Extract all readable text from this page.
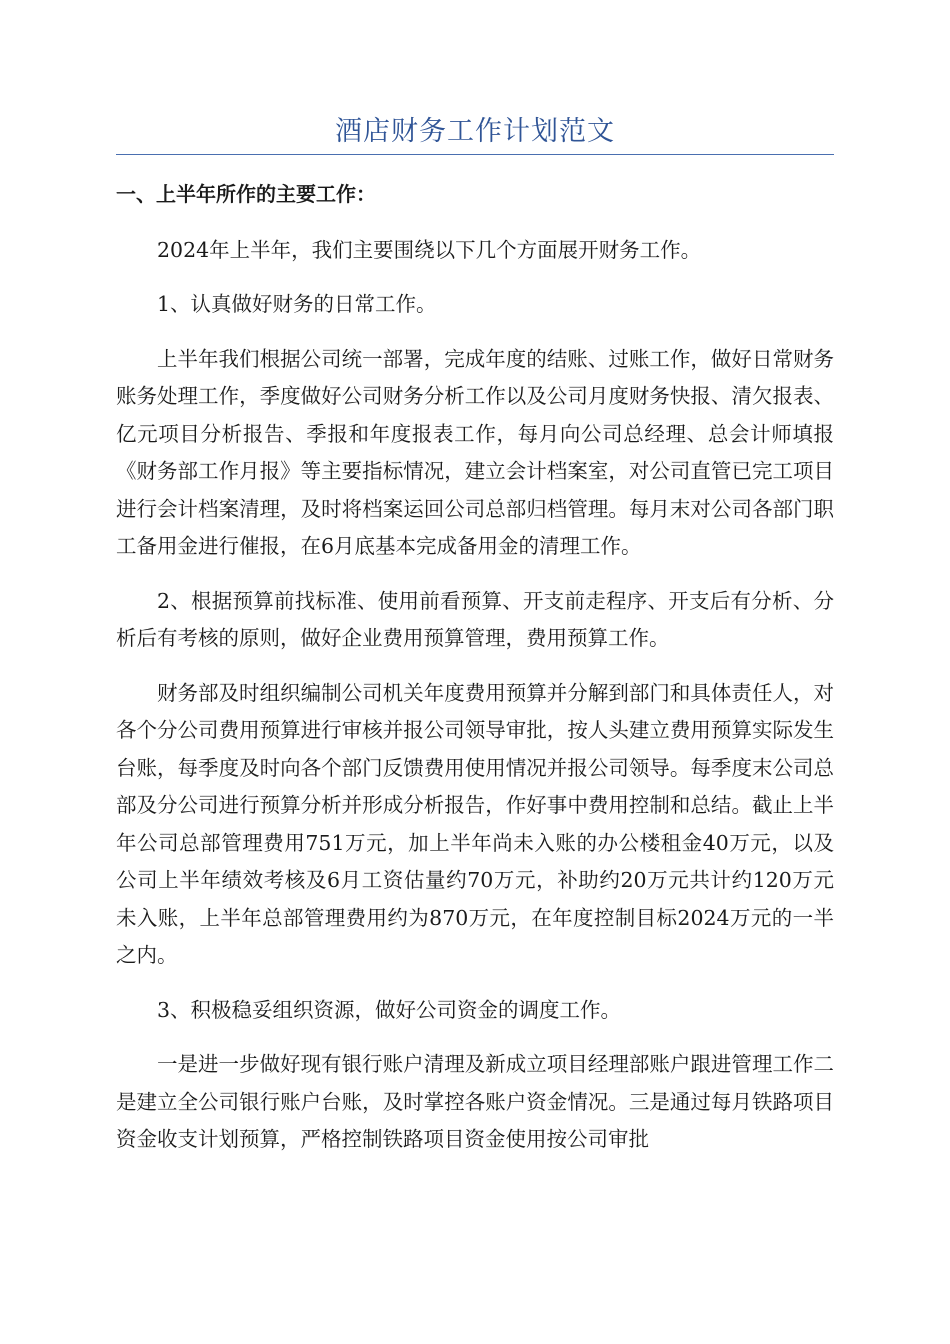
酒店财务工作计划范文
一、上半年所作的主要工作：

2024年上半年，我们主要围绕以下几个方面展开财务工作。

1、认真做好财务的日常工作。

上半年我们根据公司统一部署，完成年度的结账、过账工作，做好日常财务账务处理工作，季度做好公司财务分析工作以及公司月度财务快报、清欠报表、亿元项目分析报告、季报和年度报表工作，每月向公司总经理、总会计师填报《财务部工作月报》等主要指标情况，建立会计档案室，对公司直管已完工项目进行会计档案清理，及时将档案运回公司总部归档管理。每月末对公司各部门职工备用金进行催报，在6月底基本完成备用金的清理工作。

2、根据预算前找标准、使用前看预算、开支前走程序、开支后有分析、分析后有考核的原则，做好企业费用预算管理，费用预算工作。

财务部及时组织编制公司机关年度费用预算并分解到部门和具体责任人，对各个分公司费用预算进行审核并报公司领导审批，按人头建立费用预算实际发生台账，每季度及时向各个部门反馈费用使用情况并报公司领导。每季度末公司总部及分公司进行预算分析并形成分析报告，作好事中费用控制和总结。截止上半年公司总部管理费用751万元，加上半年尚未入账的办公楼租金40万元，以及公司上半年绩效考核及6月工资估量约70万元，补助约20万元共计约120万元未入账，上半年总部管理费用约为870万元，在年度控制目标2024万元的一半之内。

3、积极稳妥组织资源，做好公司资金的调度工作。

一是进一步做好现有银行账户清理及新成立项目经理部账户跟进管理工作二是建立全公司银行账户台账，及时掌控各账户资金情况。三是通过每月铁路项目资金收支计划预算，严格控制铁路项目资金使用按公司审批
